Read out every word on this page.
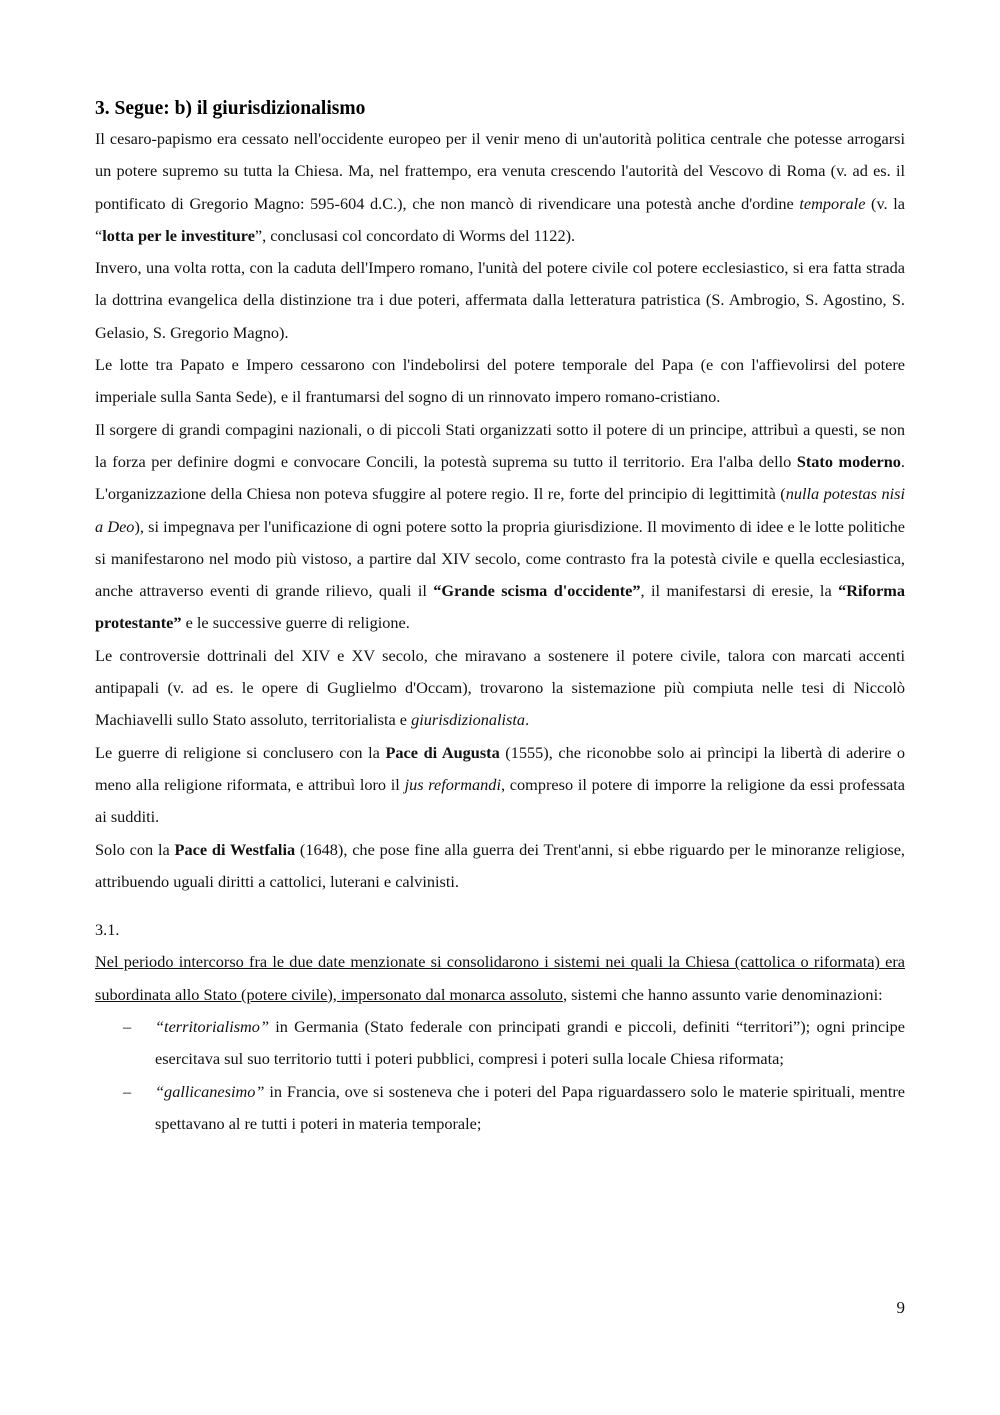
3. Segue: b) il giurisdizionalismo

Il cesaro-papismo era cessato nell'occidente europeo per il venir meno di un'autorità politica centrale che potesse arrogarsi un potere supremo su tutta la Chiesa. Ma, nel frattempo, era venuta crescendo l'autorità del Vescovo di Roma (v. ad es. il pontificato di Gregorio Magno: 595-604 d.C.), che non mancò di rivendicare una potestà anche d'ordine temporale (v. la “lotta per le investiture”, conclusasi col concordato di Worms del 1122).

Invero, una volta rotta, con la caduta dell'Impero romano, l'unità del potere civile col potere ecclesiastico, si era fatta strada la dottrina evangelica della distinzione tra i due poteri, affermata dalla letteratura patristica (S. Ambrogio, S. Agostino, S. Gelasio, S. Gregorio Magno).

Le lotte tra Papato e Impero cessarono con l'indebolirsi del potere temporale del Papa (e con l'affievolirsi del potere imperiale sulla Santa Sede), e il frantumarsi del sogno di un rinnovato impero romano-cristiano.

Il sorgere di grandi compagini nazionali, o di piccoli Stati organizzati sotto il potere di un principe, attribuì a questi, se non la forza per definire dogmi e convocare Concili, la potestà suprema su tutto il territorio. Era l'alba dello Stato moderno. L'organizzazione della Chiesa non poteva sfuggire al potere regio. Il re, forte del principio di legittimità (nulla potestas nisi a Deo), si impegnava per l'unificazione di ogni potere sotto la propria giurisdizione. Il movimento di idee e le lotte politiche si manifestarono nel modo più vistoso, a partire dal XIV secolo, come contrasto fra la potestà civile e quella ecclesiastica, anche attraverso eventi di grande rilievo, quali il “Grande scisma d'occidente”, il manifestarsi di eresie, la “Riforma protestante” e le successive guerre di religione.

Le controversie dottrinali del XIV e XV secolo, che miravano a sostenere il potere civile, talora con marcati accenti antipapali (v. ad es. le opere di Guglielmo d'Occam), trovarono la sistemazione più compiuta nelle tesi di Niccolò Machiavelli sullo Stato assoluto, territorialista e giurisdizionalista.

Le guerre di religione si conclusero con la Pace di Augusta (1555), che riconobbe solo ai prìncipi la libertà di aderire o meno alla religione riformata, e attribuì loro il jus reformandi, compreso il potere di imporre la religione da essi professata ai sudditi.

Solo con la Pace di Westfalia (1648), che pose fine alla guerra dei Trent'anni, si ebbe riguardo per le minoranze religiose, attribuendo uguali diritti a cattolici, luterani e calvinisti.

3.1.

Nel periodo intercorso fra le due date menzionate si consolidarono i sistemi nei quali la Chiesa (cattolica o riformata) era subordinata allo Stato (potere civile), impersonato dal monarca assoluto, sistemi che hanno assunto varie denominazioni:

– “territorialismo” in Germania (Stato federale con principati grandi e piccoli, definiti “territori”); ogni principe esercitava sul suo territorio tutti i poteri pubblici, compresi i poteri sulla locale Chiesa riformata;
– “gallicanesimo” in Francia, ove si sosteneva che i poteri del Papa riguardassero solo le materie spirituali, mentre spettavano al re tutti i poteri in materia temporale;
9
